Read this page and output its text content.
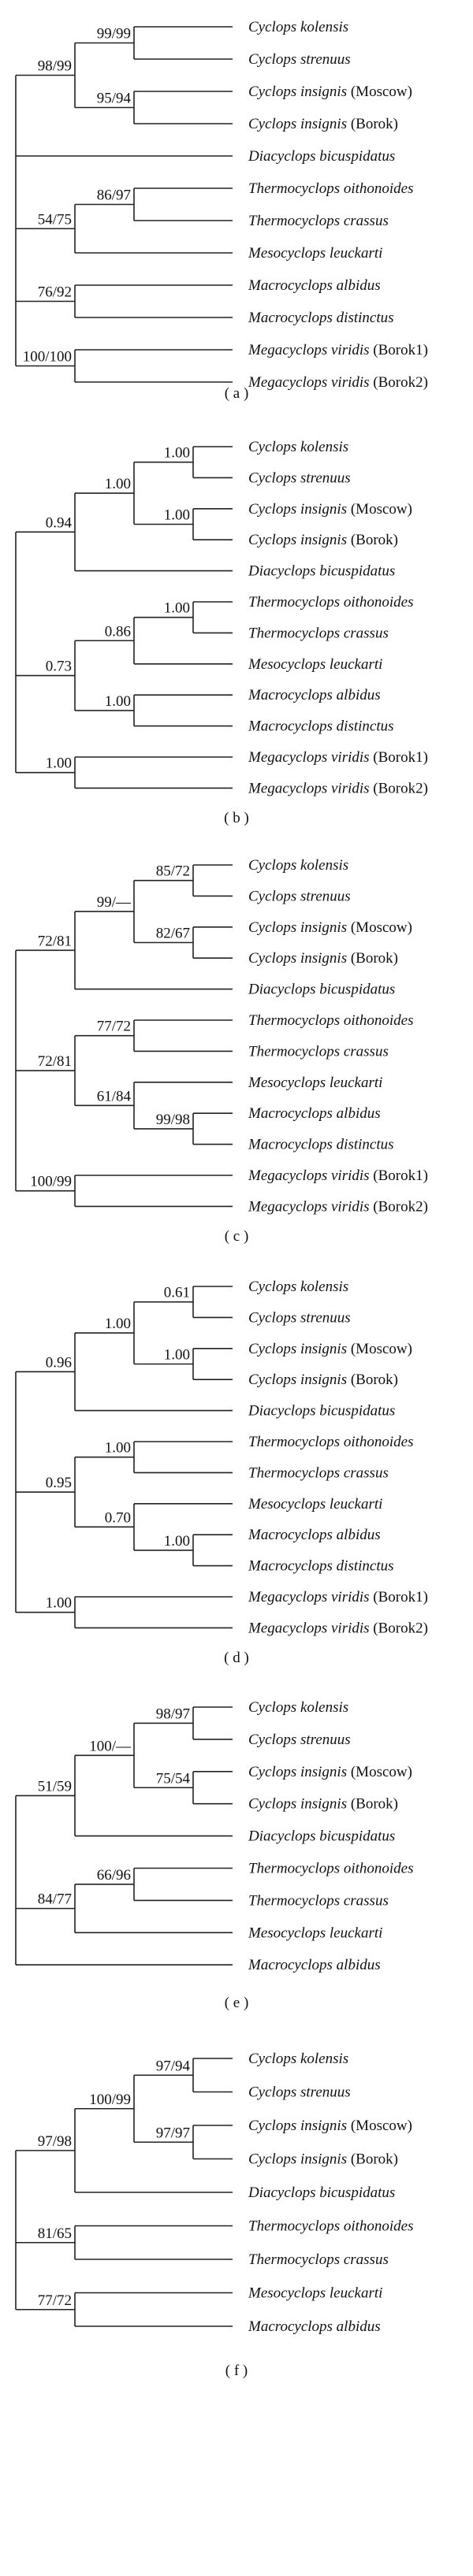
98/99
99/99
95/94
54/75
86/97
76/92
100/100
Cyclops kolensis
Cyclops strenuus
Cyclops insignis (Moscow)
Cyclops insignis (Borok)
Diacyclops bicuspidatus
Thermocyclops oithonoides
Thermocyclops crassus
Mesocyclops leuckarti
Macrocyclops albidus
Macrocyclops distinctus
Megacyclops viridis (Borok1)
Megacyclops viridis (Borok2)
( a )
0.94
1.00
1.00
1.00
0.73
0.86
1.00
1.00
1.00
Cyclops kolensis
Cyclops strenuus
Cyclops insignis (Moscow)
Cyclops insignis (Borok)
Diacyclops bicuspidatus
Thermocyclops oithonoides
Thermocyclops crassus
Mesocyclops leuckarti
Macrocyclops albidus
Macrocyclops distinctus
Megacyclops viridis (Borok1)
Megacyclops viridis (Borok2)
( b )
72/81
99/—
85/72
82/67
72/81
77/72
61/84
99/98
100/99
Cyclops kolensis
Cyclops strenuus
Cyclops insignis (Moscow)
Cyclops insignis (Borok)
Diacyclops bicuspidatus
Thermocyclops oithonoides
Thermocyclops crassus
Mesocyclops leuckarti
Macrocyclops albidus
Macrocyclops distinctus
Megacyclops viridis (Borok1)
Megacyclops viridis (Borok2)
( c )
0.96
1.00
0.61
1.00
0.95
1.00
0.70
1.00
1.00
Cyclops kolensis
Cyclops strenuus
Cyclops insignis (Moscow)
Cyclops insignis (Borok)
Diacyclops bicuspidatus
Thermocyclops oithonoides
Thermocyclops crassus
Mesocyclops leuckarti
Macrocyclops albidus
Macrocyclops distinctus
Megacyclops viridis (Borok1)
Megacyclops viridis (Borok2)
( d )
51/59
100/—
98/97
75/54
84/77
66/96
Cyclops kolensis
Cyclops strenuus
Cyclops insignis (Moscow)
Cyclops insignis (Borok)
Diacyclops bicuspidatus
Thermocyclops oithonoides
Thermocyclops crassus
Mesocyclops leuckarti
Macrocyclops albidus
( e )
97/98
100/99
97/94
97/97
81/65
77/72
Cyclops kolensis
Cyclops strenuus
Cyclops insignis (Moscow)
Cyclops insignis (Borok)
Diacyclops bicuspidatus
Thermocyclops oithonoides
Thermocyclops crassus
Mesocyclops leuckarti
Macrocyclops albidus
( f )
